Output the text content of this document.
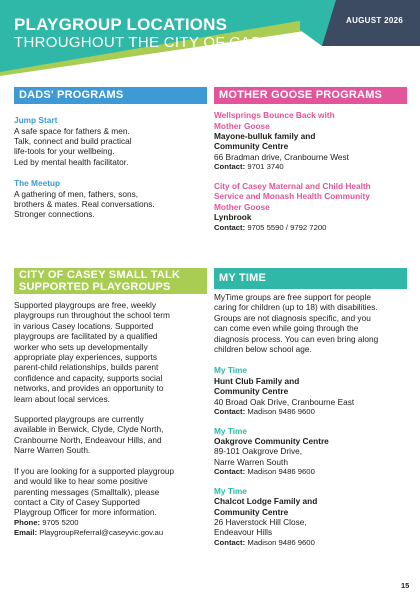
PLAYGROUP LOCATIONS
THROUGHOUT THE CITY OF CASEY
AUGUST 2026
DADS' PROGRAMS
Jump Start
A safe space for fathers & men.
Talk, connect and build practical
life-tools for your wellbeing.
Led by mental health facilitator.
The Meetup
A gathering of men, fathers, sons,
brothers & mates. Real conversations.
Stronger connections.
MOTHER GOOSE PROGRAMS
Wellsprings Bounce Back with
Mother Goose
Mayone-bulluk family and
Community Centre
66 Bradman drive, Cranbourne West
Contact: 9701 3740
City of Casey Maternal and Child Health
Service and Monash Health Community
Mother Goose
Lynbrook
Contact: 9705 5590 / 9792 7200
CITY OF CASEY SMALL TALK
SUPPORTED PLAYGROUPS
Supported playgroups are free, weekly
playgroups run throughout the school term
in various Casey locations. Supported
playgroups are facilitated by a qualified
worker who sets up developmentally
appropriate play experiences, supports
parent-child relationships, builds parent
confidence and capacity, supports social
networks, and provides an opportunity to
learn about local services.
Supported playgroups are currently
available in Berwick, Clyde, Clyde North,
Cranbourne North, Endeavour Hills, and
Narre Warren South.
If you are looking for a supported playgroup
and would like to hear some positive
parenting messages (Smalltalk), please
contact a City of Casey Supported
Playgroup Officer for more information.
Phone: 9705 5200
Email: PlaygroupReferral@caseyvic.gov.au
MY TIME
MyTime groups are free support for people
caring for children (up to 18) with disabilities.
Groups are not diagnosis specific, and you
can come even while going through the
diagnosis process. You can even bring along
children below school age.
My Time
Hunt Club Family and
Community Centre
40 Broad Oak Drive, Cranbourne East
Contact: Madison 9486 9600
My Time
Oakgrove Community Centre
89-101 Oakgrove Drive,
Narre Warren South
Contact: Madison 9486 9600
My Time
Chalcot Lodge Family and
Community Centre
26 Haverstock Hill Close,
Endeavour Hills
Contact: Madison 9486 9600
15
